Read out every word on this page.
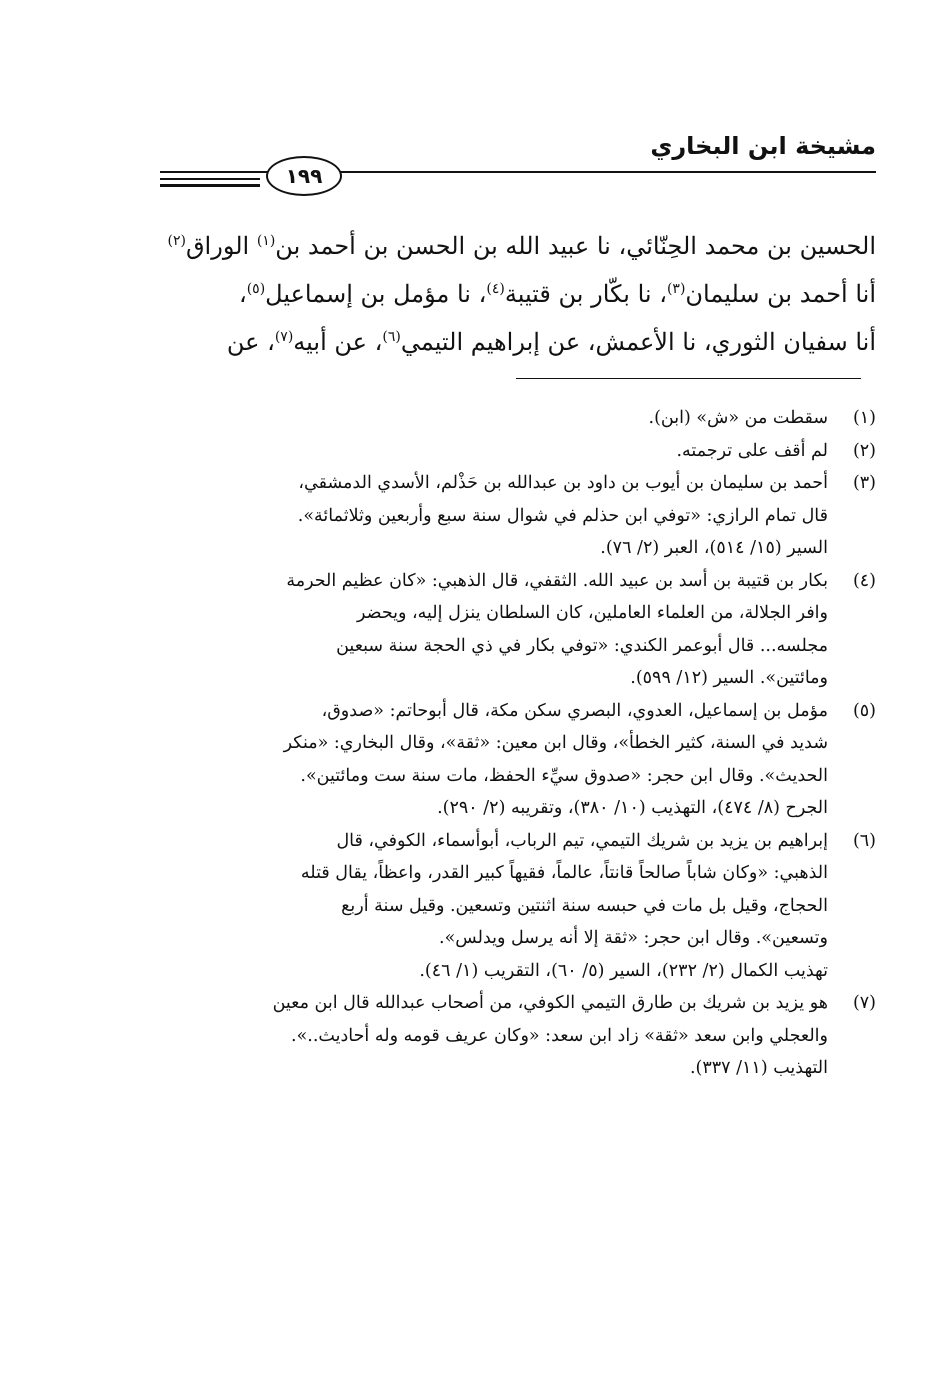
مشيخة ابن البخاري
١٩٩
الحسين بن محمد الحِنّائي، نا عبيد الله بن الحسن بن أحمد بن$^{(١)}$ الوراق$^{(٢)}$
أنا أحمد بن سليمان$^{(٣)}$، نا بكّار بن قتيبة$^{(٤)}$، نا مؤمل بن إسماعيل$^{(٥)}$،
أنا سفيان الثوري، نا الأعمش، عن إبراهيم التيمي$^{(٦)}$، عن أبيه$^{(٧)}$، عن
(١)
سقطت من «ش» (ابن).
(٢)
لم أقف على ترجمته.
(٣)
أحمد بن سليمان بن أيوب بن داود بن عبدالله بن حَذْلم، الأسدي الدمشقي،
قال تمام الرازي: «توفي ابن حذلم في شوال سنة سبع وأربعين وثلاثمائة».
السير (١٥/ ٥١٤)، العبر (٢/ ٧٦).
(٤)
بكار بن قتيبة بن أسد بن عبيد الله. الثقفي، قال الذهبي: «كان عظيم الحرمة
وافر الجلالة، من العلماء العاملين، كان السلطان ينزل إليه، ويحضر
مجلسه... قال أبوعمر الكندي: «توفي بكار في ذي الحجة سنة سبعين
ومائتين». السير (١٢/ ٥٩٩).
(٥)
مؤمل بن إسماعيل، العدوي، البصري سكن مكة، قال أبوحاتم: «صدوق،
شديد في السنة، كثير الخطأ»، وقال ابن معين: «ثقة»، وقال البخاري: «منكر
الحديث». وقال ابن حجر: «صدوق سيِّء الحفظ، مات سنة ست ومائتين».
الجرح (٨/ ٤٧٤)، التهذيب (١٠/ ٣٨٠)، وتقريبه (٢/ ٢٩٠).
(٦)
إبراهيم بن يزيد بن شريك التيمي، تيم الرباب، أبوأسماء، الكوفي، قال
الذهبي: «وكان شاباً صالحاً قانتاً، عالماً، فقيهاً كبير القدر، واعظاً، يقال قتله
الحجاج، وقيل بل مات في حبسه سنة اثنتين وتسعين. وقيل سنة أربع
وتسعين». وقال ابن حجر: «ثقة إلا أنه يرسل ويدلس».
تهذيب الكمال (٢/ ٢٣٢)، السير (٥/ ٦٠)، التقريب (١/ ٤٦).
(٧)
هو يزيد بن شريك بن طارق التيمي الكوفي، من أصحاب عبدالله قال ابن معين
والعجلي وابن سعد «ثقة» زاد ابن سعد: «وكان عريف قومه وله أحاديث..».
التهذيب (١١/ ٣٣٧).
